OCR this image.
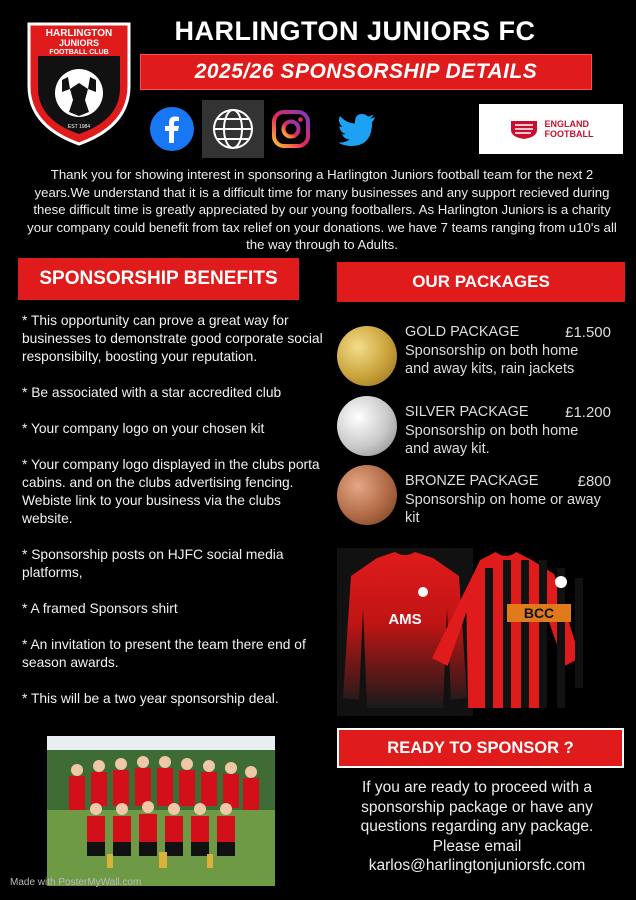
HARLINGTON
JUNIORS
FOOTBALL CLUB
EST 1984
HARLINGTON JUNIORS FC
2025/26 SPONSORSHIP DETAILS
ENGLAND
FOOTBALL
Thank you for showing interest in sponsoring a Harlington Juniors football team for the next 2 years.We understand that it is a difficult time for many businesses and any support recieved during these difficult time is greatly appreciated by our young footballers. As Harlington Juniors is a charity your company could benefit from tax relief on your donations. we have 7 teams ranging from u10's all the way through to Adults.
SPONSORSHIP BENEFITS

* This opportunity can prove a great way for businesses to demonstrate good corporate social responsibilty, boosting your reputation.

* Be associated with a star accredited club

* Your company logo on your chosen kit

* Your company logo displayed in the clubs porta cabins. and on the clubs advertising fencing. Webiste link to your business via the clubs website.

* Sponsorship posts on HJFC social media platforms,

* A framed Sponsors shirt

* An invitation to present the team there end of season awards.

* This will be a two year sponsorship deal.

OUR PACKAGES
GOLD PACKAGE	£1.500
Sponsorship on both home and away kits, rain jackets
SILVER PACKAGE £1.200
Sponsorship on both home and away kit.
BRONZE PACKAGE	£800
Sponsorship on home or away kit
AMS	BCC
READY TO SPONSOR ?
If you are ready to proceed with a sponsorship package or have any questions regarding any package. Please email karlos@harlingtonjuniorsfc.com
Made with PosterMyWall.com
